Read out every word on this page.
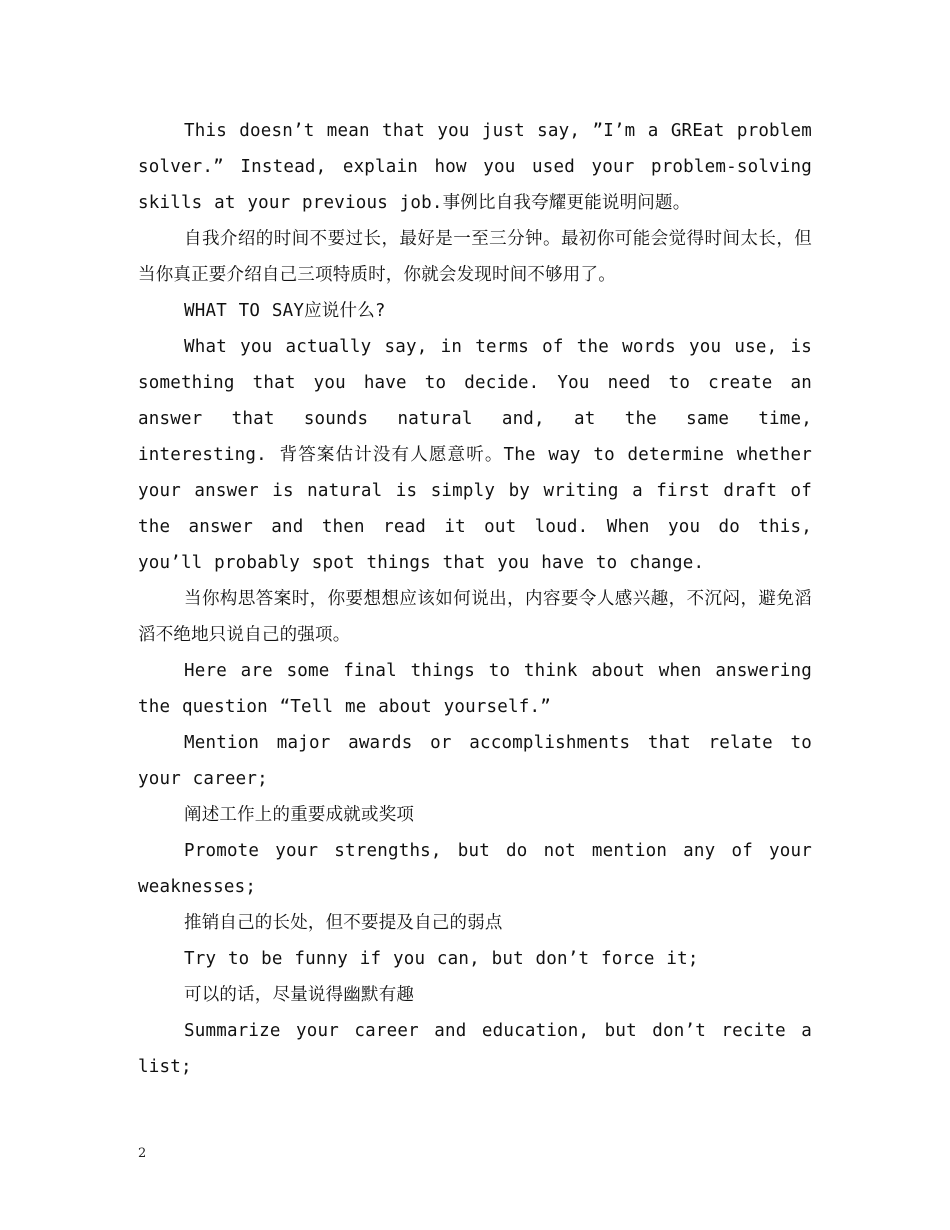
This doesn’t mean that you just say, ”I’m a GREat problem solver.” Instead, explain how you used your problem-solving skills at your previous job.事例比自我夸耀更能说明问题。

自我介绍的时间不要过长，最好是一至三分钟。最初你可能会觉得时间太长，但当你真正要介绍自己三项特质时，你就会发现时间不够用了。

WHAT TO SAY应说什么?

What you actually say, in terms of the words you use, is something that you have to decide. You need to create an answer that sounds natural and, at the same time, interesting. 背答案估计没有人愿意听。The way to determine whether your answer is natural is simply by writing a first draft of the answer and then read it out loud. When you do this, you’ll probably spot things that you have to change.

当你构思答案时，你要想想应该如何说出，内容要令人感兴趣，不沉闷，避免滔滔不绝地只说自己的强项。

Here are some final things to think about when answering the question “Tell me about yourself.”

Mention major awards or accomplishments that relate to your career;

阐述工作上的重要成就或奖项

Promote your strengths, but do not mention any of your weaknesses;

推销自己的长处，但不要提及自己的弱点

Try to be funny if you can, but don’t force it;

可以的话，尽量说得幽默有趣

Summarize your career and education, but don’t recite a list;

2
